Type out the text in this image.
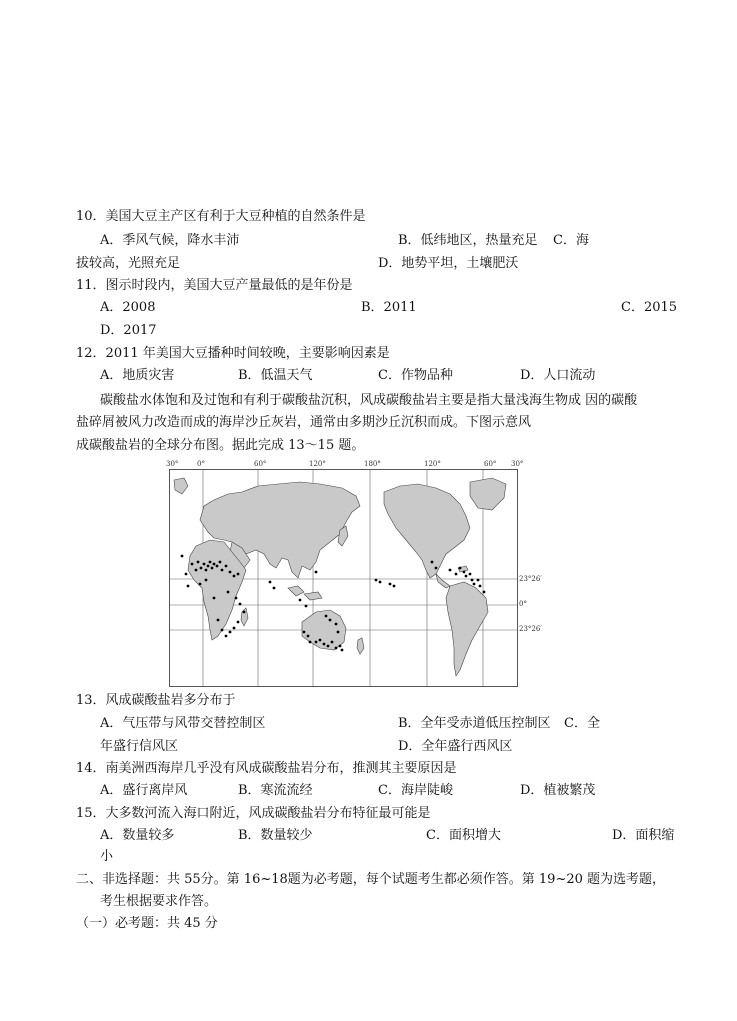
10．美国大豆主产区有利于大豆种植的自然条件是
A．季风气候，降水丰沛	B．低纬地区，热量充足 C．海
拔较高，光照充足	D．地势平坦，土壤肥沃
11．图示时段内，美国大豆产量最低的是年份是
A．2008	B．2011	C．2015
D．2017
12．2011 年美国大豆播种时间较晚，主要影响因素是
A．地质灾害	B．低温天气	C．作物品种	D．人口流动
碳酸盐水体饱和及过饱和有利于碳酸盐沉积，风成碳酸盐岩主要是指大量浅海生物成 因的碳酸
盐碎屑被风力改造而成的海岸沙丘灰岩，通常由多期沙丘沉积而成。下图示意风
成碳酸盐岩的全球分布图。据此完成 13～15 题。
30°	0°	60°	120°	180°	120°	60° 30°
23°26′
0°
23°26′
13．风成碳酸盐岩多分布于
A．气压带与风带交替控制区	B．全年受赤道低压控制区 C．全
年盛行信风区	D．全年盛行西风区
14．南美洲西海岸几乎没有风成碳酸盐岩分布，推测其主要原因是
A．盛行离岸风	B．寒流流经	C．海岸陡峻	D．植被繁茂
15．大多数河流入海口附近，风成碳酸盐岩分布特征最可能是
A．数量较多	B．数量较少	C．面积增大	D．面积缩
小
二、非选择题：共 55分。第 16~18题为必考题，每个试题考生都必须作答。第 19~20 题为选考题，
考生根据要求作答。
（一）必考题：共 45 分
